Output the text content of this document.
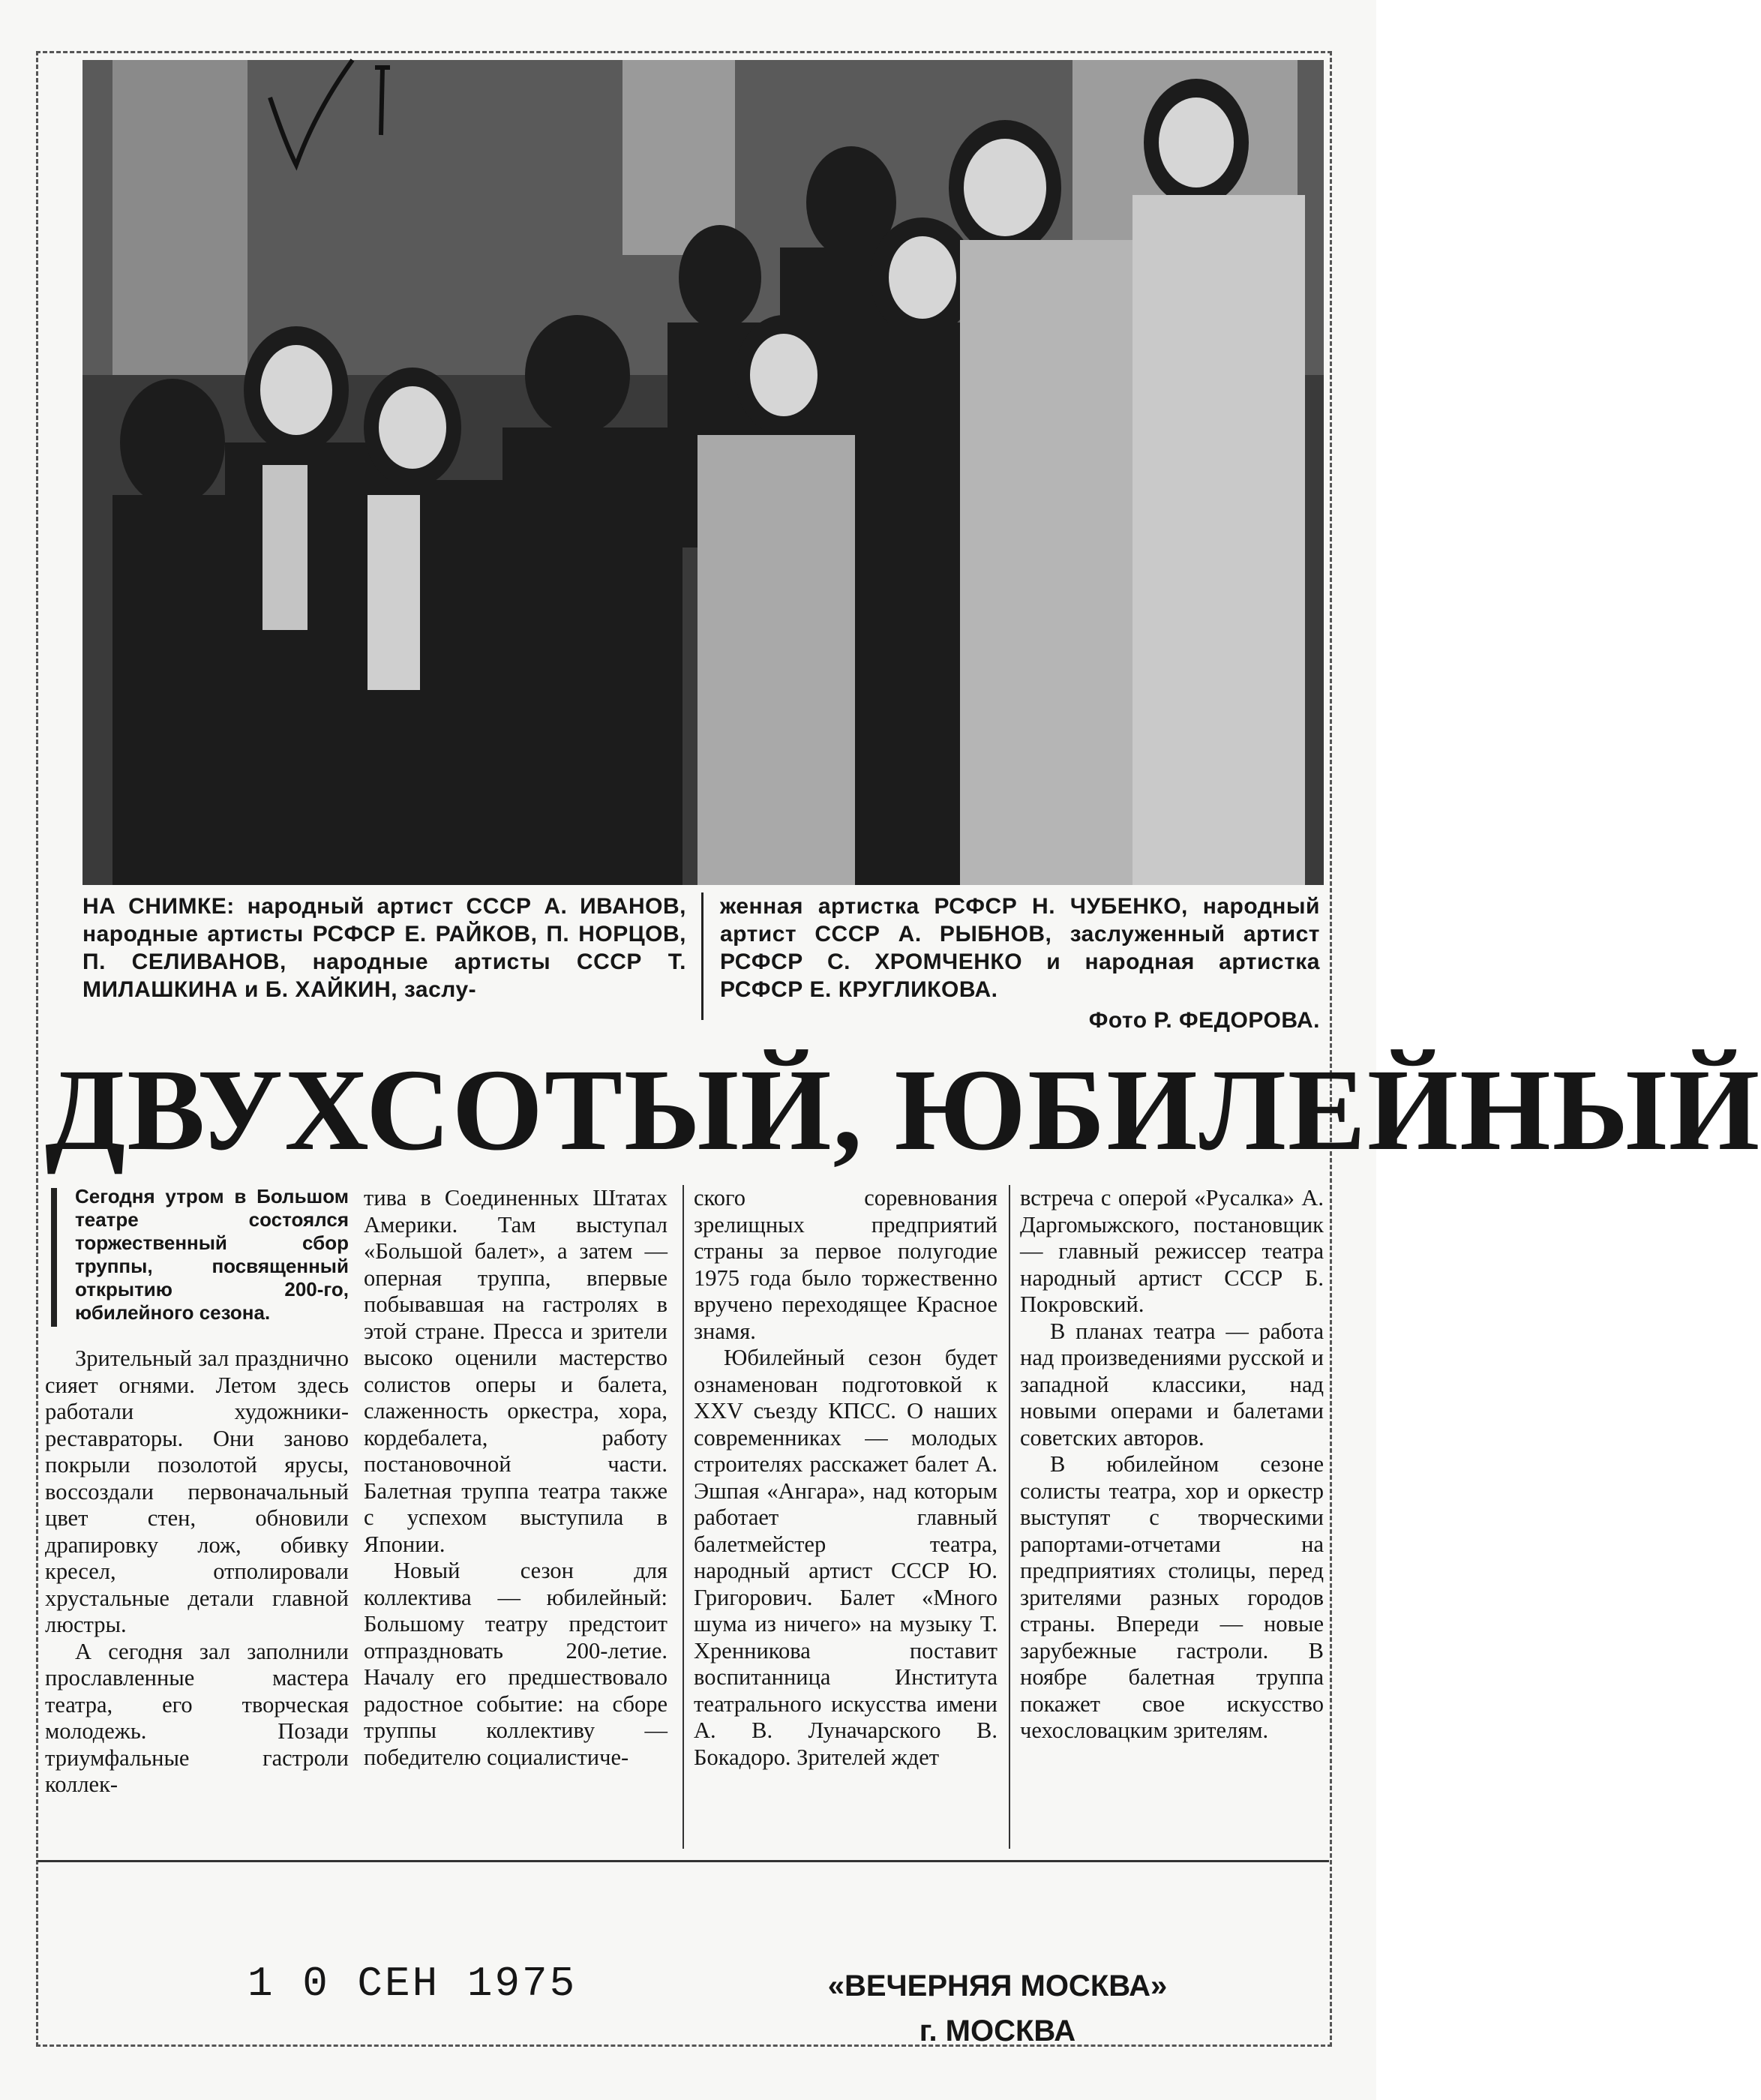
НА СНИМКЕ: народный артист СССР А. ИВАНОВ, народные артисты РСФСР Е. РАЙКОВ, П. НОРЦОВ, П. СЕЛИВАНОВ, народные артисты СССР Т. МИЛАШКИНА и Б. ХАЙКИН, заслу-
женная артистка РСФСР Н. ЧУБЕНКО, народный артист СССР А. РЫБНОВ, заслуженный артист РСФСР С. ХРОМЧЕНКО и народная артистка РСФСР Е. КРУГЛИКОВА.
Фото Р. ФЕДОРОВА.
ДВУХСОТЫЙ, ЮБИЛЕЙНЫЙ
Сегодня утром в Большом театре состоялся торжественный сбор труппы, посвященный открытию 200-го, юбилейного сезона.

Зрительный зал празднично сияет огнями. Летом здесь работали художники-реставраторы. Они заново покрыли позолотой ярусы, воссоздали первоначальный цвет стен, обновили драпировку лож, обивку кресел, отполировали хрустальные детали главной люстры.

А сегодня зал заполнили прославленные мастера театра, его творческая молодежь. Позади триумфальные гастроли коллек-

тива в Соединенных Штатах Америки. Там выступал «Большой балет», а затем — оперная труппа, впервые побывавшая на гастролях в этой стране. Пресса и зрители высоко оценили мастерство солистов оперы и балета, слаженность оркестра, хора, кордебалета, работу постановочной части. Балетная труппа театра также с успехом выступила в Японии.

Новый сезон для коллектива — юбилейный: Большому театру предстоит отпраздновать 200-летие. Началу его предшествовало радостное событие: на сборе труппы коллективу — победителю социалистиче-

ского соревнования зрелищных предприятий страны за первое полугодие 1975 года было торжественно вручено переходящее Красное знамя.

Юбилейный сезон будет ознаменован подготовкой к XXV съезду КПСС. О наших современниках — молодых строителях расскажет балет А. Эшпая «Ангара», над которым работает главный балетмейстер театра, народный артист СССР Ю. Григорович. Балет «Много шума из ничего» на музыку Т. Хренникова поставит воспитанница Института театрального искусства имени А. В. Луначарского В. Бокадоро. Зрителей ждет

встреча с оперой «Русалка» А. Даргомыжского, постановщик — главный режиссер театра народный артист СССР Б. Покровский.

В планах театра — работа над произведениями русской и западной классики, над новыми операми и балетами советских авторов.

В юбилейном сезоне солисты театра, хор и оркестр выступят с творческими рапортами-отчетами на предприятиях столицы, перед зрителями разных городов страны. Впереди — новые зарубежные гастроли. В ноябре балетная труппа покажет свое искусство чехословацким зрителям.

1 0 СЕН 1975	«ВЕЧЕРНЯЯ МОСКВА»
г. МОСКВА
